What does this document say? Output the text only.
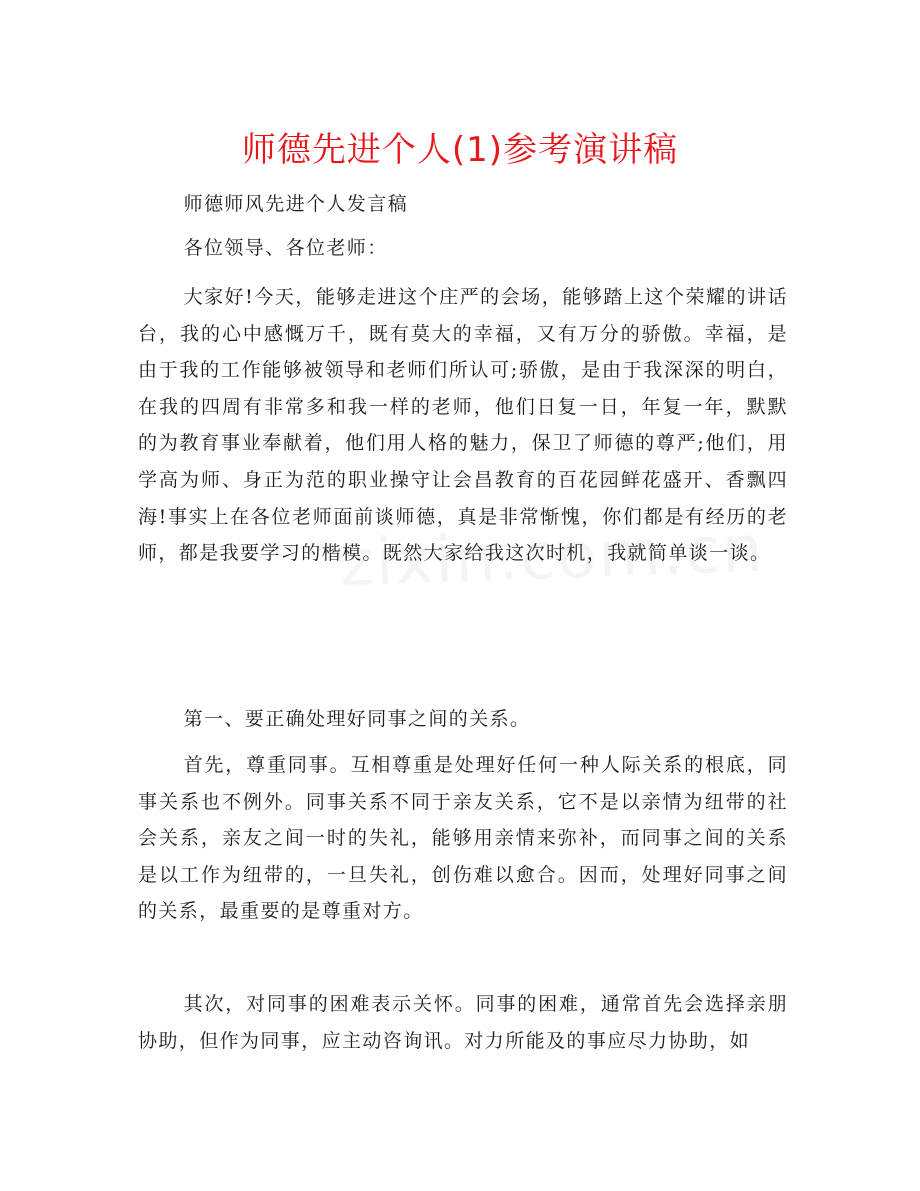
师德先进个人(1)参考演讲稿

师德师风先进个人发言稿

各位领导、各位老师：

大家好!今天，能够走进这个庄严的会场，能够踏上这个荣耀的讲话台，我的心中感慨万千，既有莫大的幸福，又有万分的骄傲。幸福，是由于我的工作能够被领导和老师们所认可;骄傲，是由于我深深的明白，在我的四周有非常多和我一样的老师，他们日复一日，年复一年，默默的为教育事业奉献着，他们用人格的魅力，保卫了师德的尊严;他们，用学高为师、身正为范的职业操守让会昌教育的百花园鲜花盛开、香飘四海!事实上在各位老师面前谈师德，真是非常惭愧，你们都是有经历的老师，都是我要学习的楷模。既然大家给我这次时机，我就简单谈一谈。

第一、要正确处理好同事之间的关系。

首先，尊重同事。互相尊重是处理好任何一种人际关系的根底，同事关系也不例外。同事关系不同于亲友关系，它不是以亲情为纽带的社会关系，亲友之间一时的失礼，能够用亲情来弥补，而同事之间的关系是以工作为纽带的，一旦失礼，创伤难以愈合。因而，处理好同事之间的关系，最重要的是尊重对方。

其次，对同事的困难表示关怀。同事的困难，通常首先会选择亲朋协助，但作为同事，应主动咨询讯。对力所能及的事应尽力协助，如
